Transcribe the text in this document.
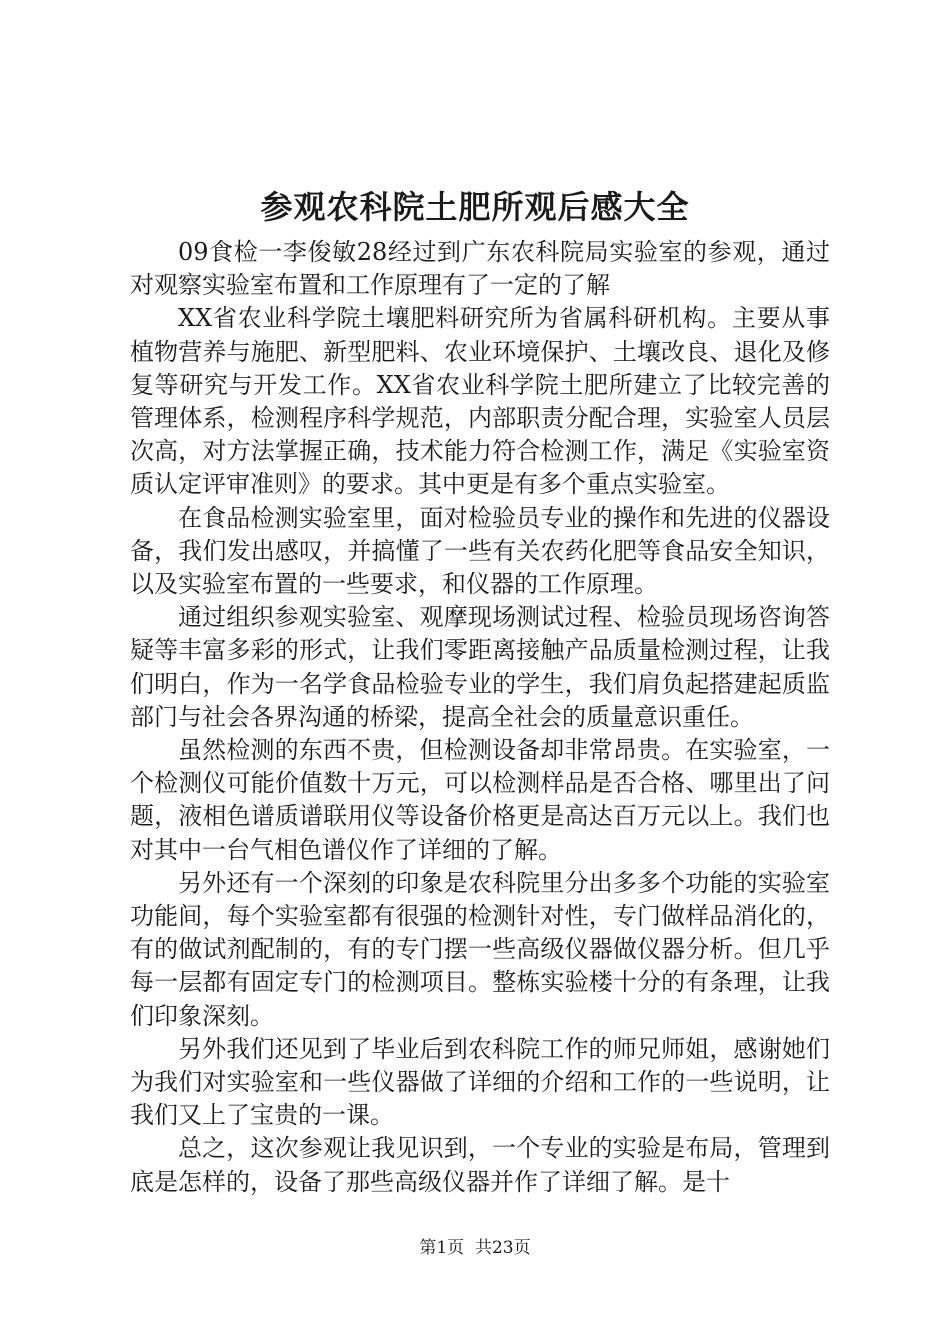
参观农科院土肥所观后感大全

09食检一李俊敏28经过到广东农科院局实验室的参观，通过对观察实验室布置和工作原理有了一定的了解

XX省农业科学院土壤肥料研究所为省属科研机构。主要从事植物营养与施肥、新型肥料、农业环境保护、土壤改良、退化及修复等研究与开发工作。XX省农业科学院土肥所建立了比较完善的管理体系，检测程序科学规范，内部职责分配合理，实验室人员层次高，对方法掌握正确，技术能力符合检测工作，满足《实验室资质认定评审准则》的要求。其中更是有多个重点实验室。

在食品检测实验室里，面对检验员专业的操作和先进的仪器设备，我们发出感叹，并搞懂了一些有关农药化肥等食品安全知识，以及实验室布置的一些要求，和仪器的工作原理。

通过组织参观实验室、观摩现场测试过程、检验员现场咨询答疑等丰富多彩的形式，让我们零距离接触产品质量检测过程，让我们明白，作为一名学食品检验专业的学生，我们肩负起搭建起质监部门与社会各界沟通的桥梁，提高全社会的质量意识重任。

虽然检测的东西不贵，但检测设备却非常昂贵。在实验室，一个检测仪可能价值数十万元，可以检测样品是否合格、哪里出了问题，液相色谱质谱联用仪等设备价格更是高达百万元以上。我们也对其中一台气相色谱仪作了详细的了解。

另外还有一个深刻的印象是农科院里分出多多个功能的实验室功能间，每个实验室都有很强的检测针对性，专门做样品消化的，有的做试剂配制的，有的专门摆一些高级仪器做仪器分析。但几乎每一层都有固定专门的检测项目。整栋实验楼十分的有条理，让我们印象深刻。

另外我们还见到了毕业后到农科院工作的师兄师姐，感谢她们为我们对实验室和一些仪器做了详细的介绍和工作的一些说明，让我们又上了宝贵的一课。

总之，这次参观让我见识到，一个专业的实验是布局，管理到底是怎样的，设备了那些高级仪器并作了详细了解。是十

第1页  共23页
